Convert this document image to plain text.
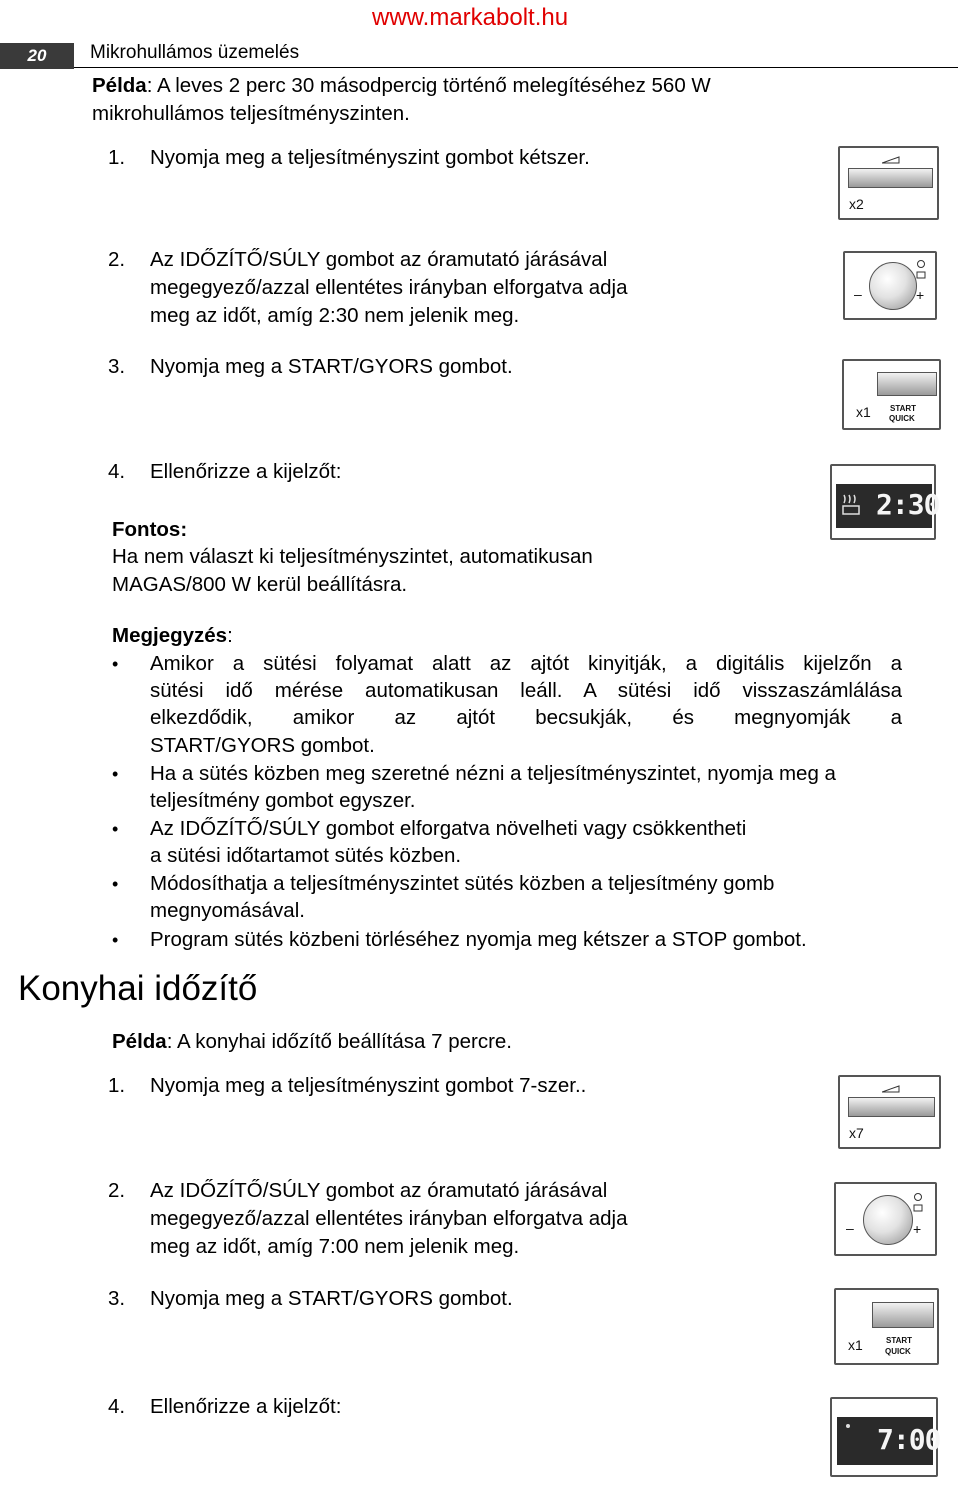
www.markabolt.hu
20	Mikrohullámos üzemelés
Példa: A leves 2 perc 30 másodpercig történő melegítéséhez 560 W
mikrohullámos teljesítményszinten.
1. Nyomja meg a teljesítményszint gombot kétszer.
2. Az IDŐZÍTŐ/SÚLY gombot az óramutató járásával
megegyező/azzal ellentétes irányban elforgatva adja
meg az időt, amíg 2:30 nem jelenik meg.
3. Nyomja meg a START/GYORS gombot.
4. Ellenőrizze a kijelzőt:
Fontos:
Ha nem választ ki teljesítményszintet, automatikusan
MAGAS/800 W kerül beállításra.
Megjegyzés:
• Amikor a sütési folyamat alatt az ajtót kinyitják, a digitális kijelzőn a
sütési idő mérése automatikusan leáll. A sütési idő visszaszámlálása
elkezdődik, amikor az ajtót becsukják, és megnyomják a
START/GYORS gombot.
• Ha a sütés közben meg szeretné nézni a teljesítményszintet, nyomja meg a
teljesítmény gombot egyszer.
• Az IDŐZÍTŐ/SÚLY gombot elforgatva növelheti vagy csökkentheti
a sütési időtartamot sütés közben.
• Módosíthatja a teljesítményszintet sütés közben a teljesítmény gomb
megnyomásával.
• Program sütés közbeni törléséhez nyomja meg kétszer a STOP gombot.
Konyhai időzítő
Példa: A konyhai időzítő beállítása 7 percre.
1. Nyomja meg a teljesítményszint gombot 7-szer..
2. Az IDŐZÍTŐ/SÚLY gombot az óramutató járásával
megegyező/azzal ellentétes irányban elforgatva adja
meg az időt, amíg 7:00 nem jelenik meg.
3. Nyomja meg a START/GYORS gombot.
4. Ellenőrizze a kijelzőt:
x2
–	+
x1 START
QUICK
2:30
x7
–	+
x1	START
QUICK
7:00
